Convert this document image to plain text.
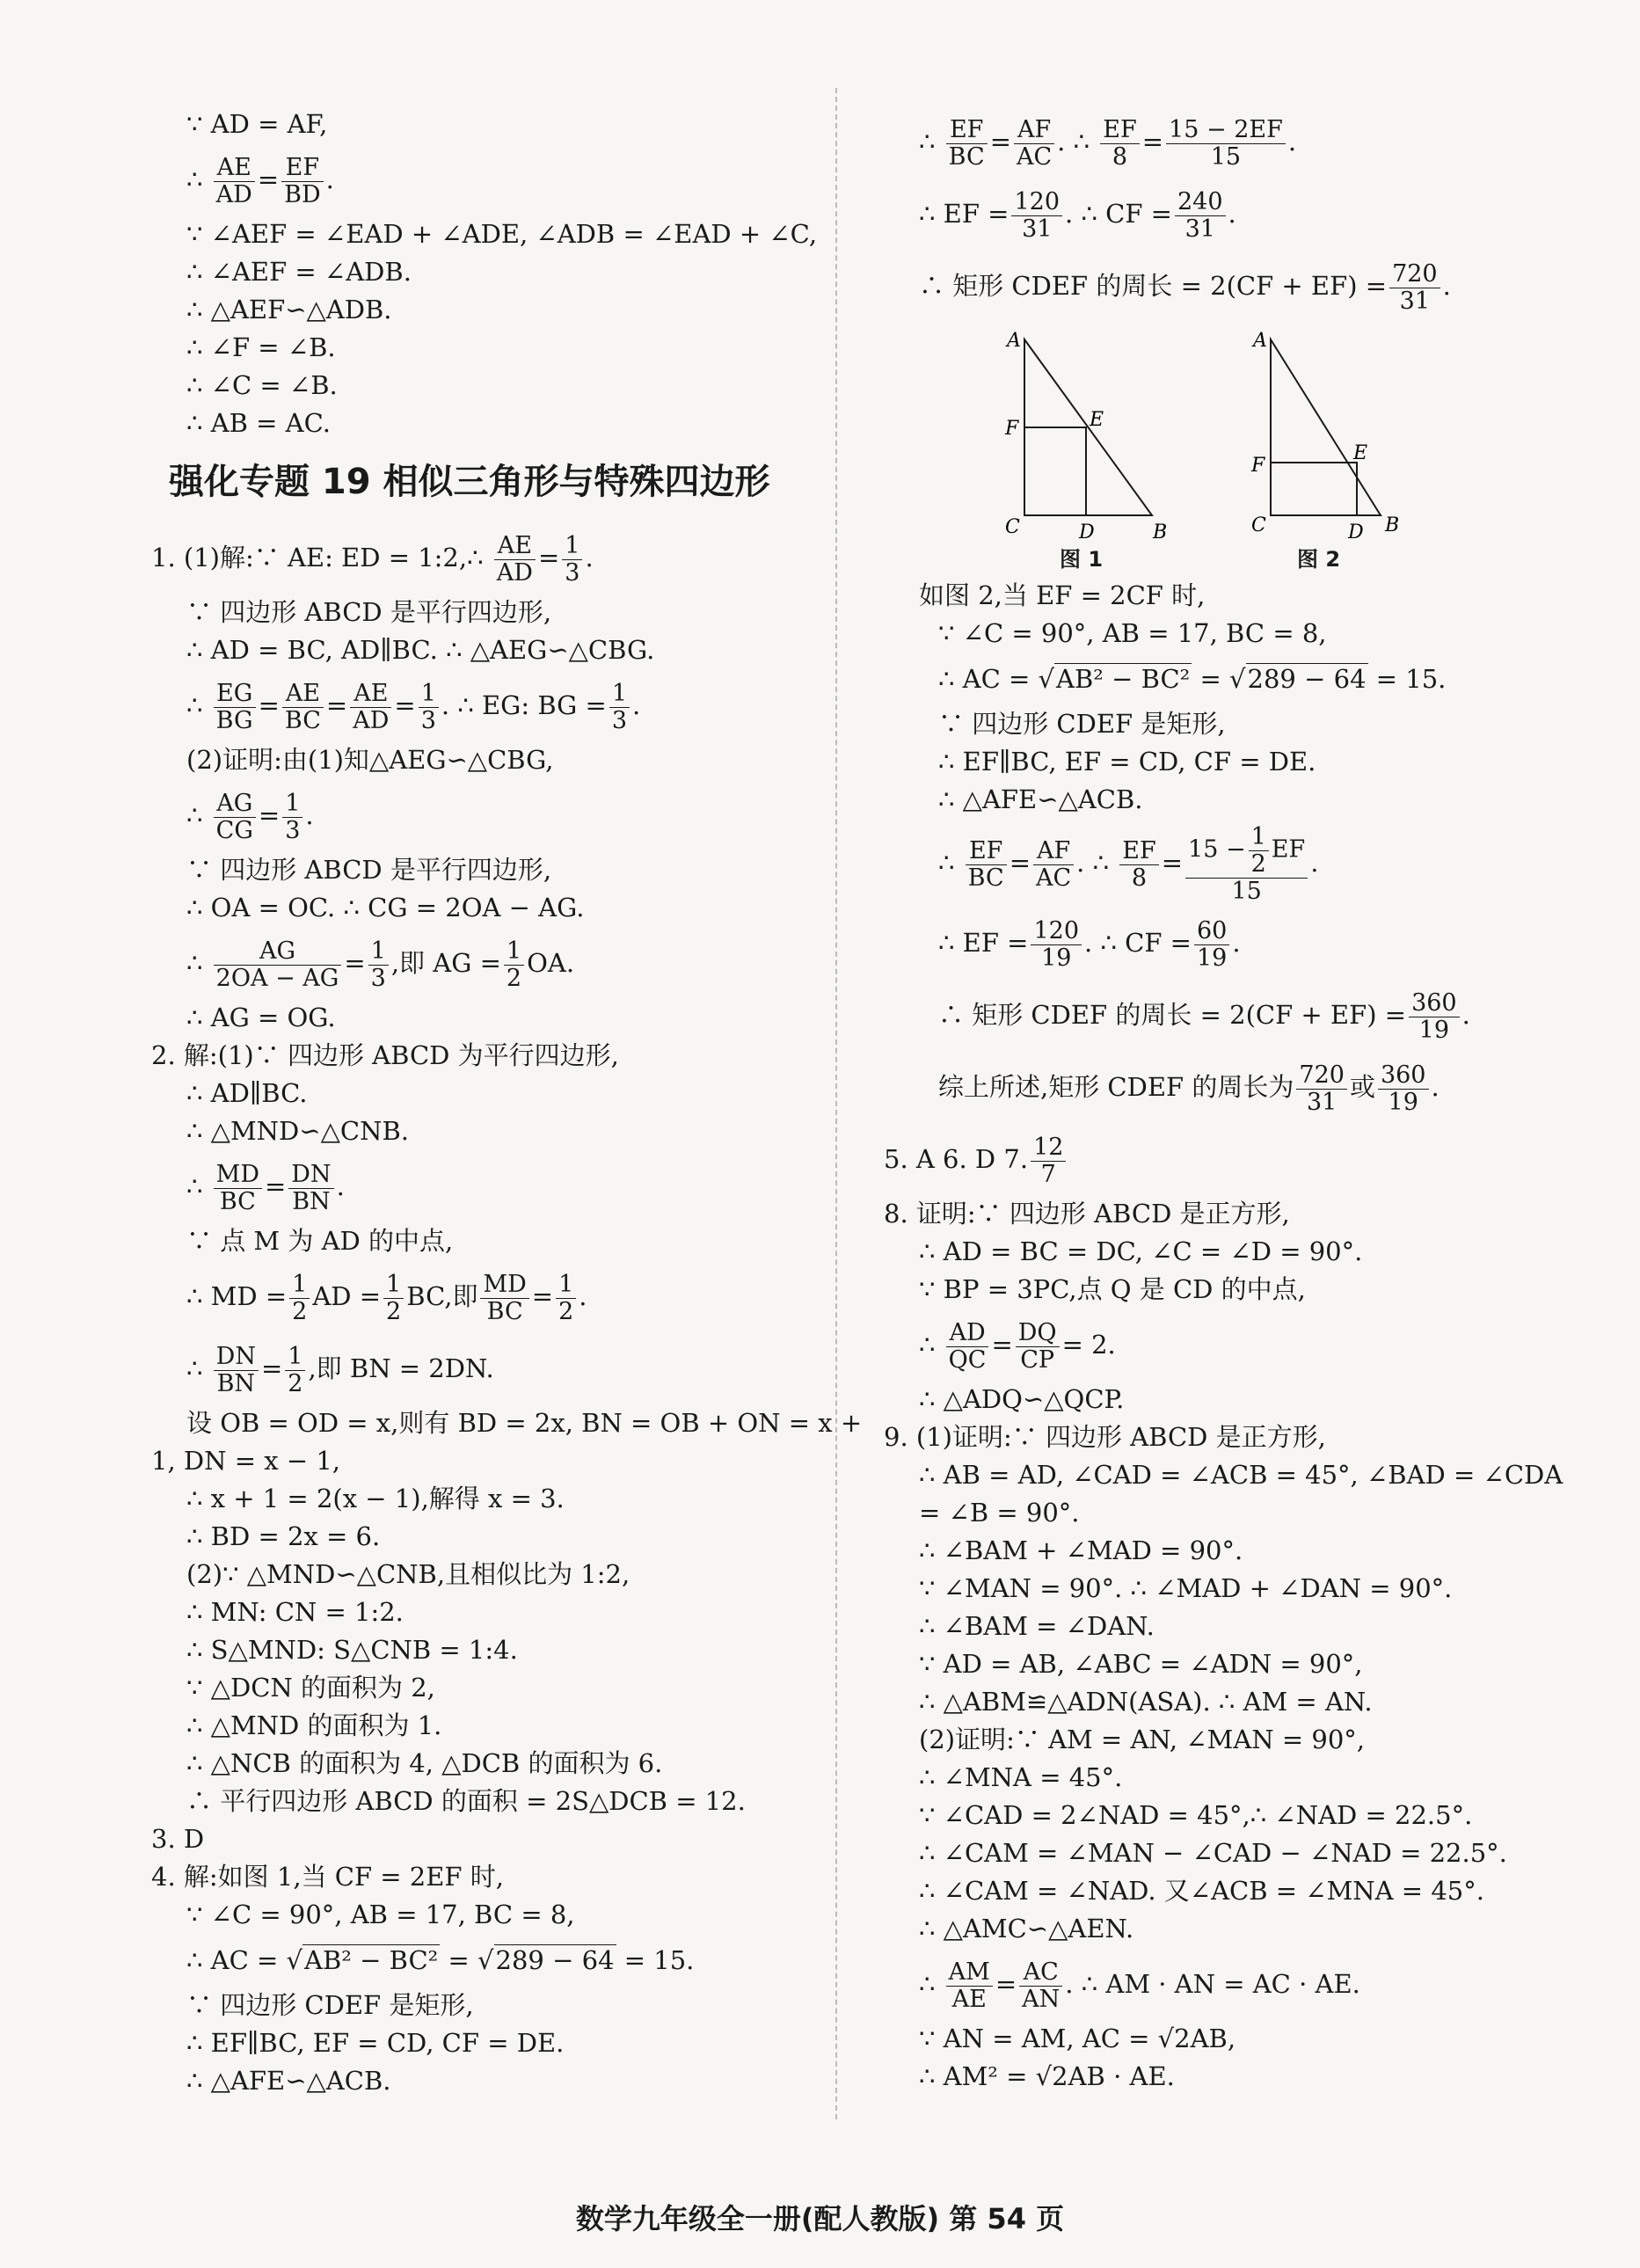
∵ AD = AF,
∴ $\frac{AE}{AD} = \frac{EF}{BD}$ .
∵ ∠AEF = ∠EAD + ∠ADE, ∠ADB = ∠EAD + ∠C,
∴ ∠AEF = ∠ADB.
∴ △AEF∽△ADB.
∴ ∠F = ∠B.
∴ ∠C = ∠B.
∴ AB = AC.
强化专题 19 相似三角形与特殊四边形
1. (1)解:∵ AE: ED = 1:2,∴ $\frac{AE}{AD} = \frac{1}{3}$ .
∵ 四边形 ABCD 是平行四边形,
∴ AD = BC, AD∥BC. ∴ △AEG∽△CBG.
∴ $\frac{EG}{BG} = \frac{AE}{BC} = \frac{AE}{AD} = \frac{1}{3}$ . ∴ EG: BG = $\frac{1}{3}$ .
(2)证明:由(1)知△AEG∽△CBG,
∴ $\frac{AG}{CG} = \frac{1}{3}$ .
∵ 四边形 ABCD 是平行四边形,
∴ OA = OC. ∴ CG = 2OA − AG.
∴ $\frac{AG}{2OA - AG} = \frac{1}{3}$ ,即 AG = $\frac{1}{2}$ OA.
∴ AG = OG.
2. 解:(1)∵ 四边形 ABCD 为平行四边形,
∴ AD∥BC.
∴ △MND∽△CNB.
∴ $\frac{MD}{BC} = \frac{DN}{BN}$ .
∵ 点 M 为 AD 的中点,
∴ MD = $\frac{1}{2}$ AD = $\frac{1}{2}$ BC,即 $\frac{MD}{BC} = \frac{1}{2}$ .
∴ $\frac{DN}{BN} = \frac{1}{2}$ ,即 BN = 2DN.
设 OB = OD = x,则有 BD = 2x, BN = OB + ON = x +
1, DN = x − 1,
∴ x + 1 = 2(x − 1),解得 x = 3.
∴ BD = 2x = 6.
(2)∵ △MND∽△CNB,且相似比为 1:2,
∴ MN: CN = 1:2.
∴ S△MND: S△CNB = 1:4.
∵ △DCN 的面积为 2,
∴ △MND 的面积为 1.
∴ △NCB 的面积为 4, △DCB 的面积为 6.
∴ 平行四边形 ABCD 的面积 = 2S△DCB = 12.
3. D
4. 解:如图 1,当 CF = 2EF 时,
∵ ∠C = 90°, AB = 17, BC = 8,
∴ AC = √AB² − BC² = √289 − 64 = 15.
∵ 四边形 CDEF 是矩形,
∴ EF∥BC, EF = CD, CF = DE.
∴ △AFE∽△ACB.
∴ $\frac{EF}{BC} = \frac{AF}{AC}$ . ∴ $\frac{EF}{8} = \frac{15 - 2EF}{15}$ .
∴ EF = $\frac{120}{31}$ . ∴ CF = $\frac{240}{31}$ .
∴ 矩形 CDEF 的周长 = $2(CF + EF) = \frac{720}{31}$ .
A
F	E
C	D	B
图 1
A
F
E
C	D B
图 2
如图 2,当 EF = 2CF 时,
∵ ∠C = 90°, AB = 17, BC = 8,
∴ AC = √AB² − BC² = √289 − 64 = 15.
∵ 四边形 CDEF 是矩形,
∴ EF∥BC, EF = CD, CF = DE.
∴ △AFE∽△ACB.
∴ $\frac{EF}{BC} = \frac{AF}{AC}$ . ∴ $\frac{EF}{8} = \frac{15 - \frac{1}{2} EF}{15}$ .
∴ EF = $\frac{120}{19}$ . ∴ CF = $\frac{60}{19}$ .
∴ 矩形 CDEF 的周长 = $2(CF + EF) = \frac{360}{19}$ .
综上所述,矩形 CDEF 的周长为 $\frac{720}{31}$ 或 $\frac{360}{19}$ .
5. A 6. D 7. $\frac{12}{7}$
8. 证明:∵ 四边形 ABCD 是正方形,
∴ AD = BC = DC, ∠C = ∠D = 90°.
∵ BP = 3PC,点 Q 是 CD 的中点,
∴ $\frac{AD}{QC} = \frac{DQ}{CP} = 2$.
∴ △ADQ∽△QCP.
9. (1)证明:∵ 四边形 ABCD 是正方形,
∴ AB = AD, ∠CAD = ∠ACB = 45°, ∠BAD = ∠CDA
= ∠B = 90°.
∴ ∠BAM + ∠MAD = 90°.
∵ ∠MAN = 90°. ∴ ∠MAD + ∠DAN = 90°.
∴ ∠BAM = ∠DAN.
∵ AD = AB, ∠ABC = ∠ADN = 90°,
∴ △ABM≌△ADN(ASA). ∴ AM = AN.
(2)证明:∵ AM = AN, ∠MAN = 90°,
∴ ∠MNA = 45°.
∵ ∠CAD = 2∠NAD = 45°,∴ ∠NAD = 22.5°.
∴ ∠CAM = ∠MAN − ∠CAD − ∠NAD = 22.5°.
∴ ∠CAM = ∠NAD. 又∠ACB = ∠MNA = 45°.
∴ △AMC∽△AEN.
∴ $\frac{AM}{AE} = \frac{AC}{AN}$ . ∴ AM · AN = AC · AE.
∵ AN = AM, AC = √2AB,
∴ AM² = √2AB · AE.
数学九年级全一册(配人教版) 第 54 页
